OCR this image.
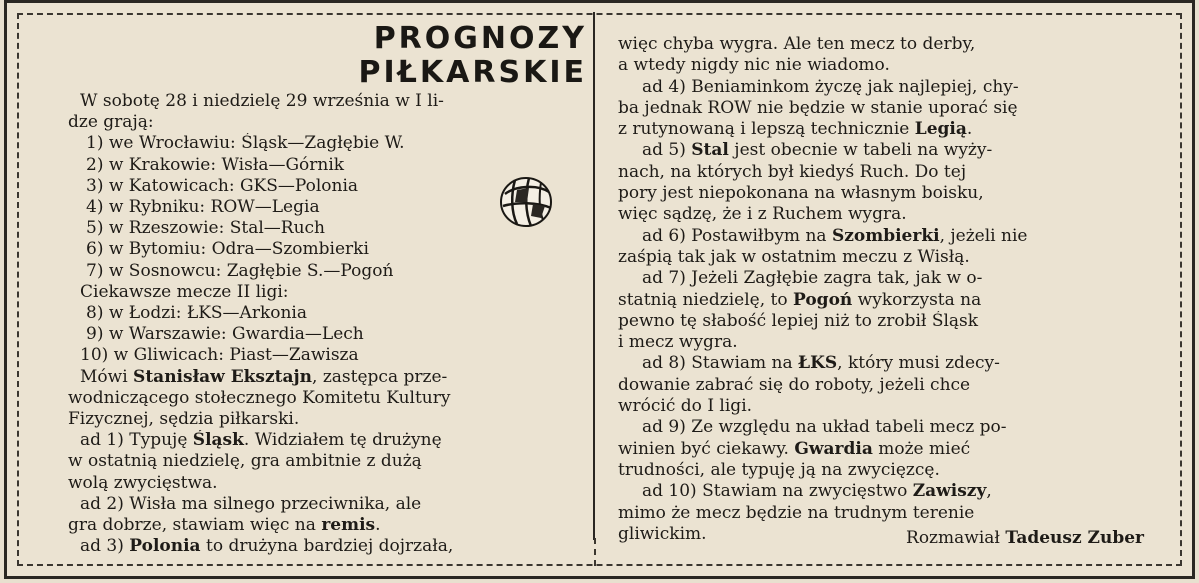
PROGNOZY
PIŁKARSKIE
W sobotę 28 i niedzielę 29 września w I li-
dze grają:
1) we Wrocławiu: Śląsk—Zagłębie W.
2) w Krakowie: Wisła—Górnik
3) w Katowicach: GKS—Polonia
4) w Rybniku: ROW—Legia
5) w Rzeszowie: Stal—Ruch
6) w Bytomiu: Odra—Szombierki
7) w Sosnowcu: Zagłębie S.—Pogoń
Ciekawsze mecze II ligi:
8) w Łodzi: ŁKS—Arkonia
9) w Warszawie: Gwardia—Lech
10) w Gliwicach: Piast—Zawisza
Mówi Stanisław Eksztajn, zastępca prze-
wodniczącego stołecznego Komitetu Kultury
Fizycznej, sędzia piłkarski.
ad 1) Typuję Śląsk. Widziałem tę drużynę
w ostatnią niedzielę, gra ambitnie z dużą
wolą zwycięstwa.
ad 2) Wisła ma silnego przeciwnika, ale
gra dobrze, stawiam więc na remis.
ad 3) Polonia to drużyna bardziej dojrzała,
więc chyba wygra. Ale ten mecz to derby,
a wtedy nigdy nic nie wiadomo.
ad 4) Beniaminkom życzę jak najlepiej, chy-
ba jednak ROW nie będzie w stanie uporać się
z rutynowaną i lepszą technicznie Legią.
ad 5) Stal jest obecnie w tabeli na wyży-
nach, na których był kiedyś Ruch. Do tej
pory jest niepokonana na własnym boisku,
więc sądzę, że i z Ruchem wygra.
ad 6) Postawiłbym na Szombierki, jeżeli nie
zaśpią tak jak w ostatnim meczu z Wisłą.
ad 7) Jeżeli Zagłębie zagra tak, jak w o-
statnią niedzielę, to Pogoń wykorzysta na
pewno tę słabość lepiej niż to zrobił Śląsk
i mecz wygra.
ad 8) Stawiam na ŁKS, który musi zdecy-
dowanie zabrać się do roboty, jeżeli chce
wrócić do I ligi.
ad 9) Ze względu na układ tabeli mecz po-
winien być ciekawy. Gwardia może mieć
trudności, ale typuję ją na zwycięzcę.
ad 10) Stawiam na zwycięstwo Zawiszy,
mimo że mecz będzie na trudnym terenie
gliwickim.	Rozmawiał Tadeusz Zuber
